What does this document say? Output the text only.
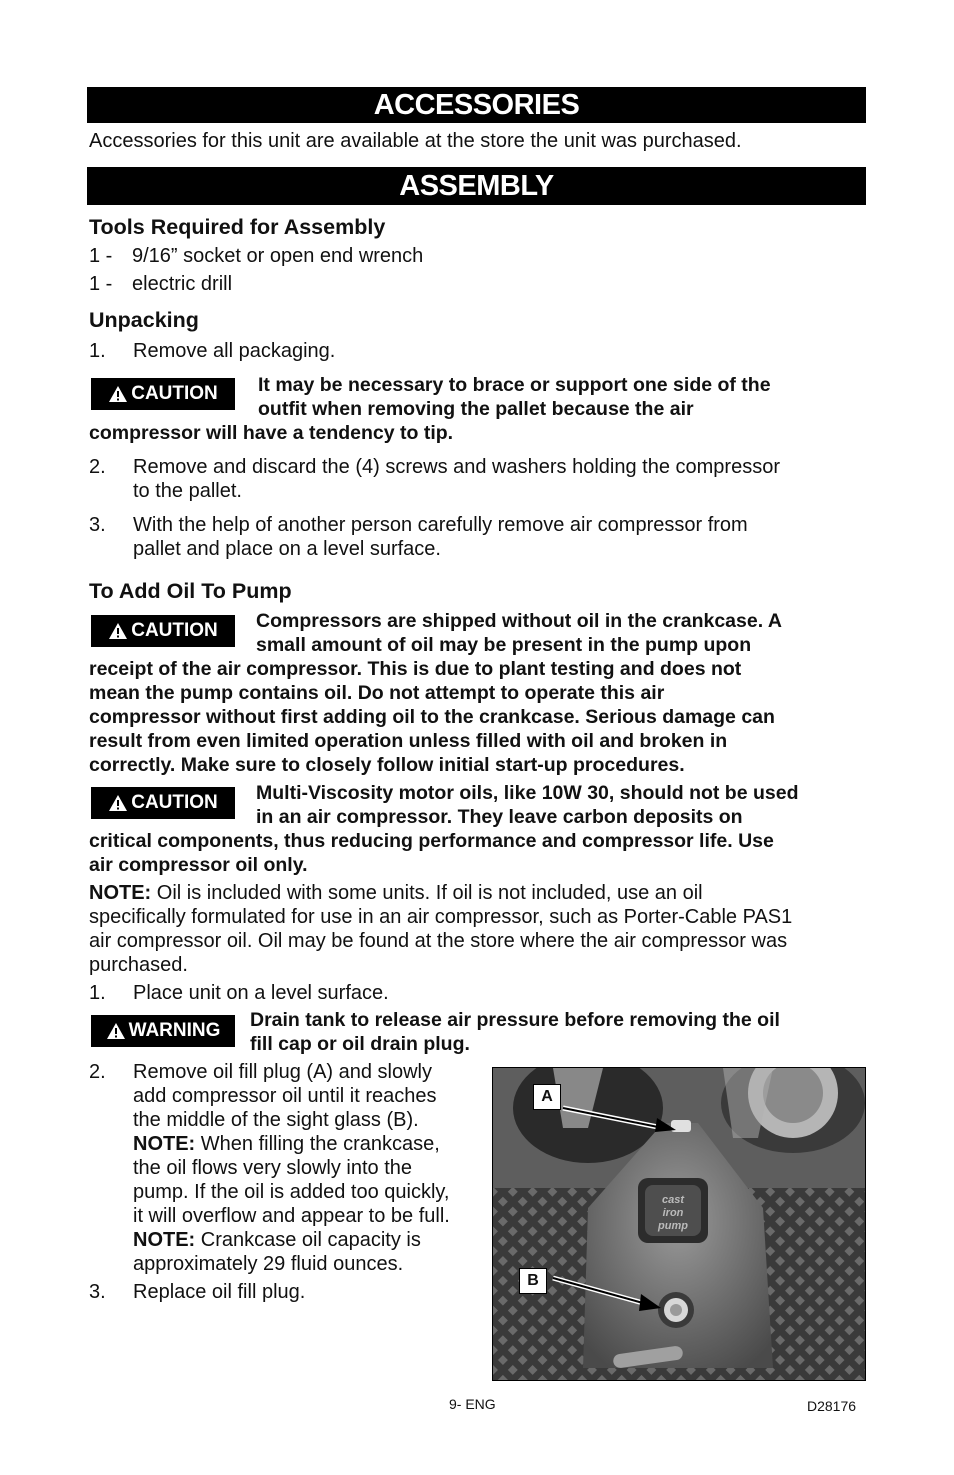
ACCESSORIES

Accessories for this unit are available at the store the unit was purchased.

ASSEMBLY
Tools Required for Assembly
1 - 9/16” socket or open end wrench
1 - electric drill
Unpacking
1. Remove all packaging.
CAUTION It may be necessary to brace or support one side of the

outfit when removing the pallet because the air

compressor will have a tendency to tip.

2. Remove and discard the (4) screws and washers holding the compressor
to the pallet.
3. With the help of another person carefully remove air compressor from
pallet and place on a level surface.
To Add Oil To Pump
CAUTION Compressors are shipped without oil in the crankcase. A

small amount of oil may be present in the pump upon

receipt of the air compressor. This is due to plant testing and does not

mean the pump contains oil. Do not attempt to operate this air

compressor without first adding oil to the crankcase. Serious damage can

result from even limited operation unless filled with oil and broken in

correctly. Make sure to closely follow initial start-up procedures.

CAUTION Multi-Viscosity motor oils, like 10W 30, should not be used

in an air compressor. They leave carbon deposits on

critical components, thus reducing performance and compressor life. Use

air compressor oil only.

NOTE: Oil is included with some units. If oil is not included, use an oil

specifically formulated for use in an air compressor, such as Porter-Cable PAS1

air compressor oil. Oil may be found at the store where the air compressor was

purchased.

1. Place unit on a level surface.
WARNING Drain tank to release air pressure before removing the oil

fill cap or oil drain plug.

2. Remove oil fill plug (A) and slowly
add compressor oil until it reaches
the middle of the sight glass (B).
NOTE: When filling the crankcase,
the oil flows very slowly into the
pump. If the oil is added too quickly,
it will overflow and appear to be full.
NOTE: Crankcase oil capacity is
approximately 29 fluid ounces.
3. Replace oil fill plug.
cast
iron
pump
A
B
9- ENG	D28176
